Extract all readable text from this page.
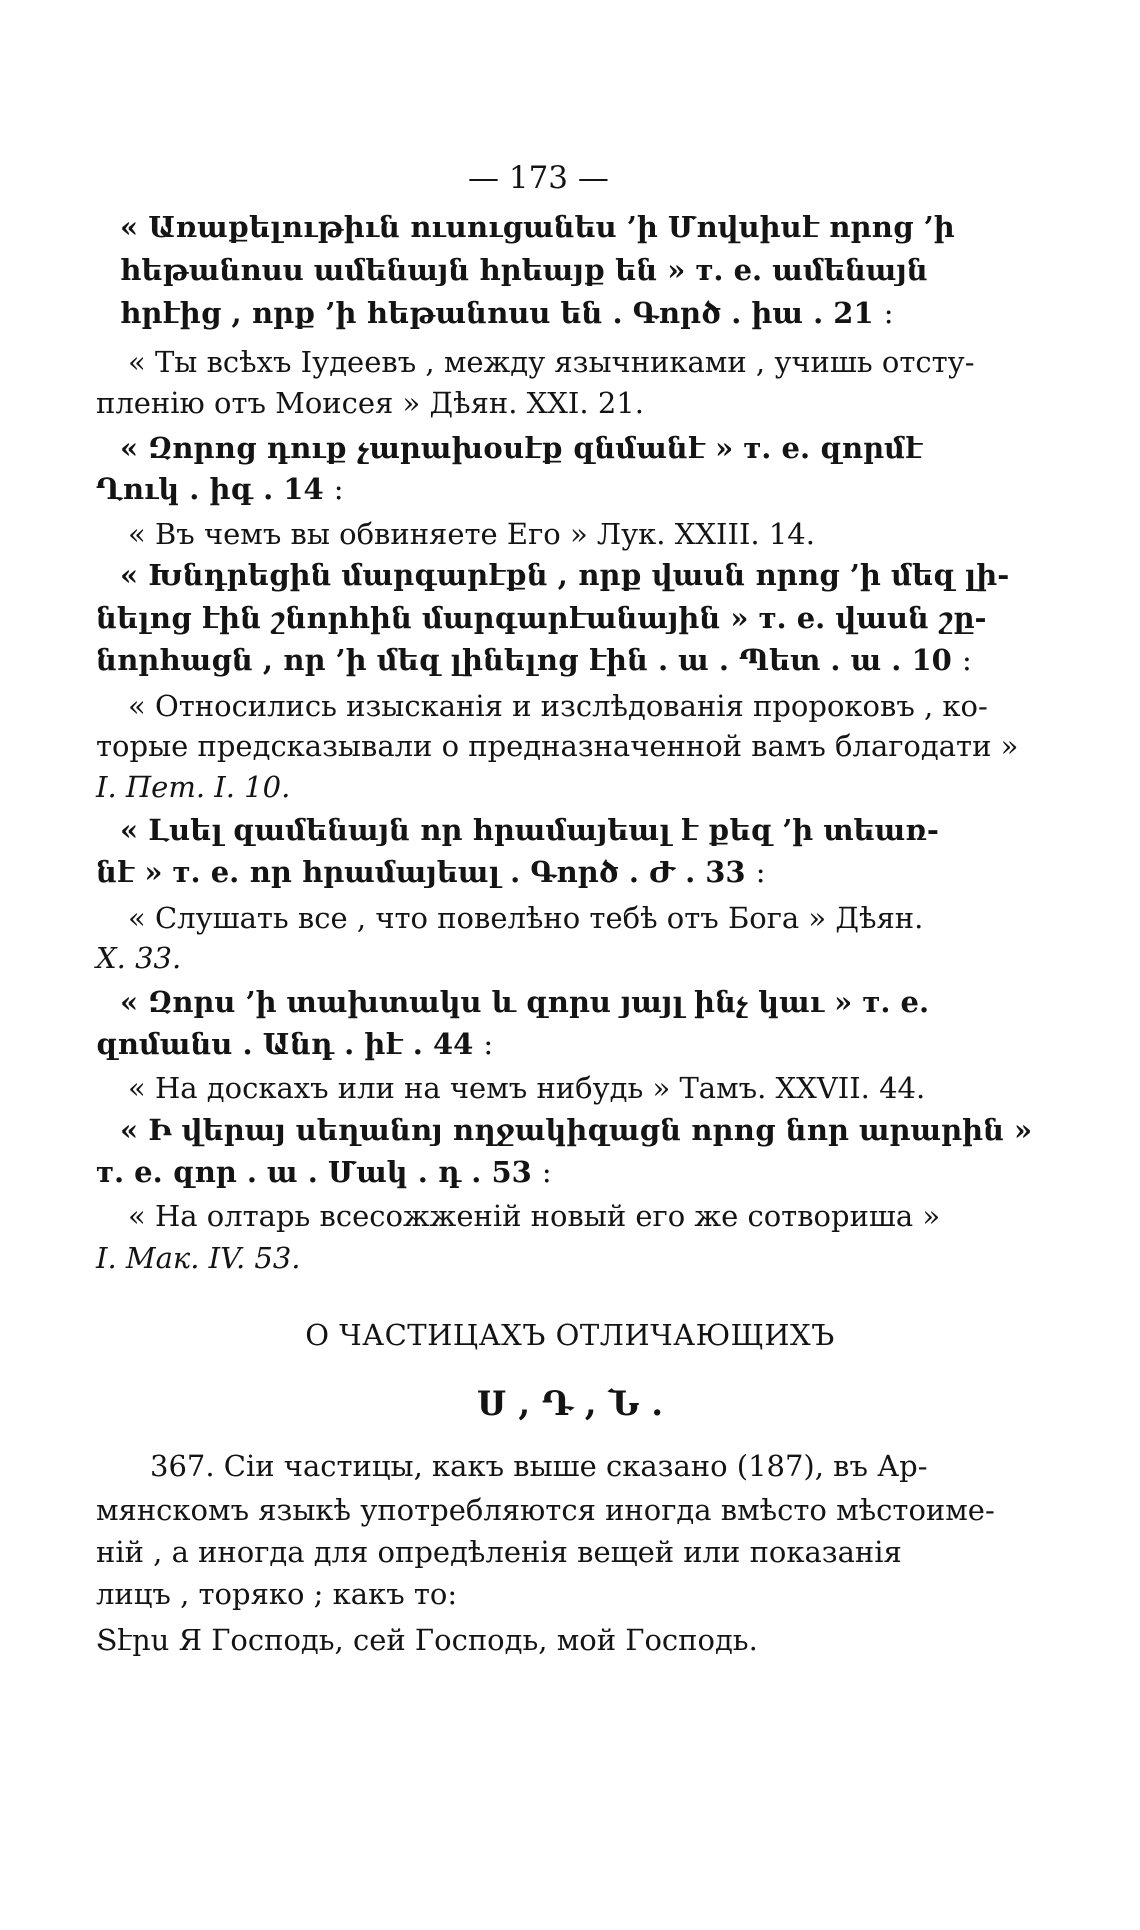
— 173 —
« Առաքելութիւն ուսուցանես ’ի Մովսիսէ որոց ’ի
հեթանոսս ամենայն հրեայք են » т. е. ամենայն
հրէից , որք ’ի հեթանոսս են . Գործ . իա . 21 ։
« Ты всѣхъ Іудеевъ , между язычниками , учишь отсту-
пленію отъ Моисея » Дѣян. XXI. 21.
« Զորոց դուք չարախօսէք զնմանէ » т. е. զորմէ
Ղուկ . իգ . 14 ։
« Въ чемъ вы обвиняете Его » Лук. XXIII. 14.
« Խնդրեցին մարգարէքն , որք վասն որոց ’ի մեզ լի-
նելոց էին շնորհին մարգարէանային » т. е. վասն շը-
նորհացն , որ ’ի մեզ լինելոց էին . ա . Պետ . ա . 10 ։
« Относились изысканія и изслѣдованія пророковъ , ко-
торые предсказывали о предназначенной вамъ благодати »
I. Пет. I. 10.
« Լսել զամենայն որ հրամայեալ է քեզ ’ի տեառ-
նէ » т. е. որ հրամայեալ . Գործ . Ժ . 33 ։
« Слушать все , что повелѣно тебѣ отъ Бога » Дѣян.
X. 33.
« Զորս ’ի տախտակս և զորս յայլ ինչ կաւ » т. е.
զոմանս . Անդ . իէ . 44 ։
« На доскахъ или на чемъ нибудь » Тамъ. XXVII. 44.
« Ի վերայ սեղանոյ ողջակիզացն որոց նոր արարին »
т. е. զոր . ա . Մակ . դ . 53 ։
« На олтарь всесожженій новый его же сотвориша »
I. Мак. IV. 53.
О ЧАСТИЦАХЪ ОТЛИЧАЮЩИХЪ
Ս , Դ , Ն .
367. Сіи частицы, какъ выше сказано (187), въ Ар-
мянскомъ языкѣ употребляются иногда вмѣсто мѣстоиме-
ній , а иногда для опредѣленія вещей или показанія
лицъ , торяко ; какъ то:
Տէրս Я Господь, сей Господь, мой Господь.
